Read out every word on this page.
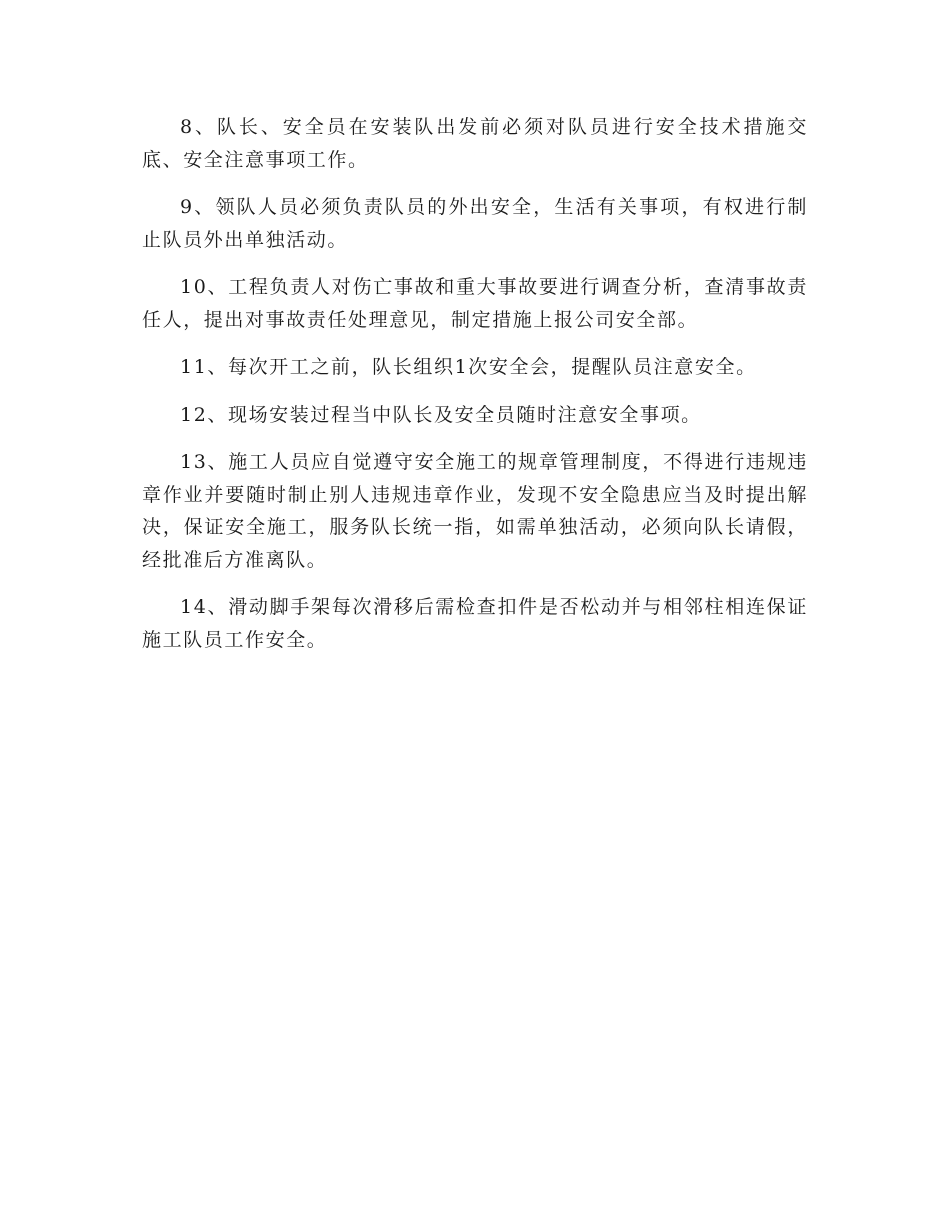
8、队长、安全员在安装队出发前必须对队员进行安全技术措施交底、安全注意事项工作。

9、领队人员必须负责队员的外出安全，生活有关事项，有权进行制止队员外出单独活动。

10、工程负责人对伤亡事故和重大事故要进行调查分析，查清事故责任人，提出对事故责任处理意见，制定措施上报公司安全部。

11、每次开工之前，队长组织1次安全会，提醒队员注意安全。

12、现场安装过程当中队长及安全员随时注意安全事项。

13、施工人员应自觉遵守安全施工的规章管理制度，不得进行违规违章作业并要随时制止别人违规违章作业，发现不安全隐患应当及时提出解决，保证安全施工，服务队长统一指，如需单独活动，必须向队长请假，经批准后方准离队。

14、滑动脚手架每次滑移后需检查扣件是否松动并与相邻柱相连保证施工队员工作安全。
